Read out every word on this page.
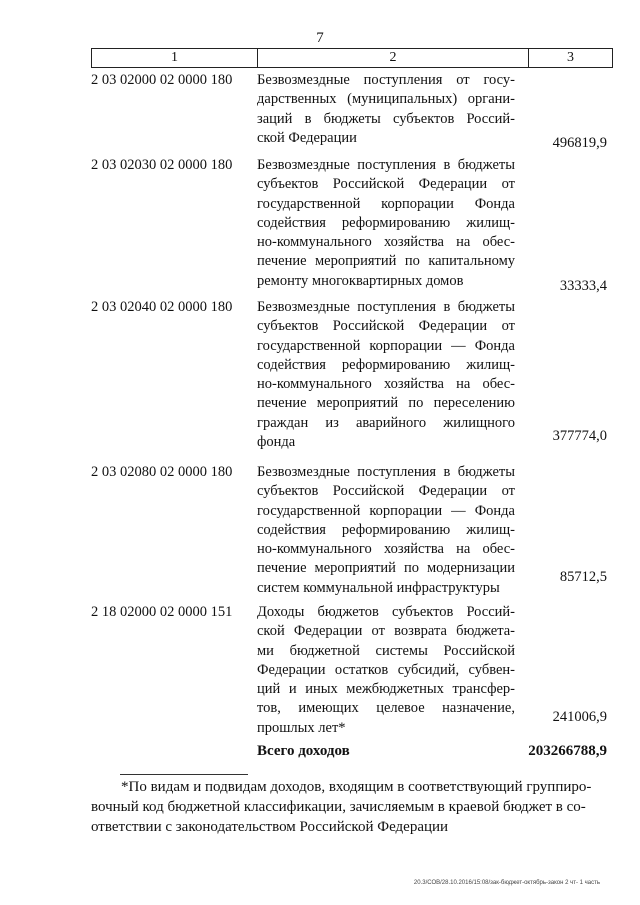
7
1	2	3
2 03 02000 02 0000 180 Безвозмездные поступления от госу-
дарственных (муниципальных) органи-
заций в бюджеты субъектов Россий-
ской Федерации	496819,9
2 03 02030 02 0000 180 Безвозмездные поступления в бюджеты
субъектов Российской Федерации от
государственной корпорации Фонда
содействия реформированию жилищ-
но-коммунального хозяйства на обес-
печение мероприятий по капитальному
ремонту многоквартирных домов	33333,4
2 03 02040 02 0000 180 Безвозмездные поступления в бюджеты
субъектов Российской Федерации от
государственной корпорации — Фонда
содействия реформированию жилищ-
но-коммунального хозяйства на обес-
печение мероприятий по переселению
граждан из аварийного жилищного
фонда	377774,0
2 03 02080 02 0000 180 Безвозмездные поступления в бюджеты
субъектов Российской Федерации от
государственной корпорации — Фонда
содействия реформированию жилищ-
но-коммунального хозяйства на обес-
печение мероприятий по модернизации
систем коммунальной инфраструктуры
85712,5
2 18 02000 02 0000 151 Доходы бюджетов субъектов Россий-
ской Федерации от возврата бюджета-
ми бюджетной системы Российской
Федерации остатков субсидий, субвен-
ций и иных межбюджетных трансфер-
тов, имеющих целевое назначение,
прошлых лет*
241006,9
Всего доходов	203266788,9
*По видам и подвидам доходов, входящим в соответствующий группиро-
вочный код бюджетной классификации, зачисляемым в краевой бюджет в со-
ответствии с законодательством Российской Федерации
20.3/СОВ/28.10.2016/15:08/зак-бюджет-октябрь-закон 2 чт- 1 часть
